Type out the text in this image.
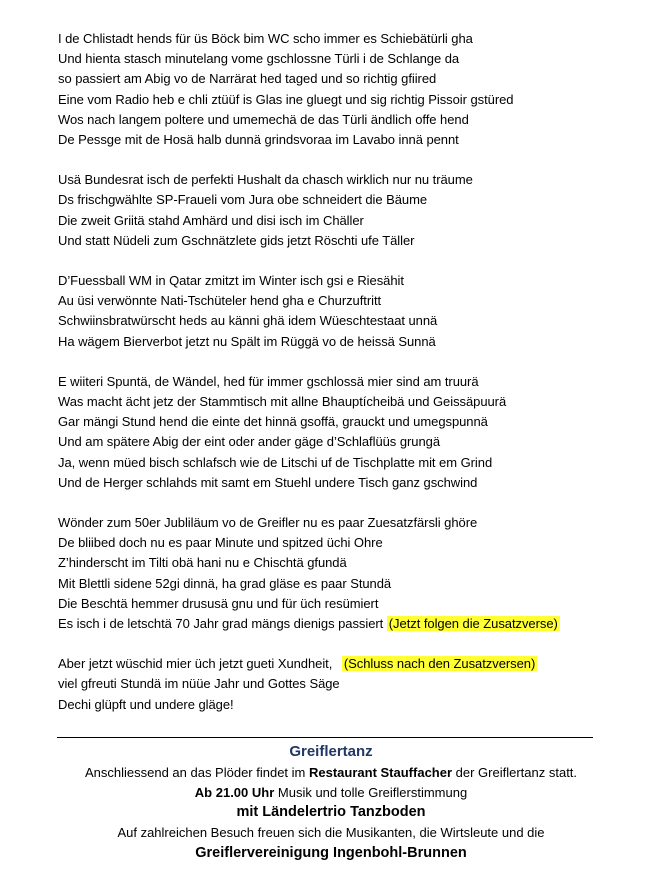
I de Chlistadt hends für üs Böck bim WC scho immer es Schiebätürli gha
Und hienta stasch minutelang vome gschlossne Türli i de Schlange da
so passiert am Abig vo de Narrärat hed taged und so richtig gfiired
Eine vom Radio heb e chli ztüüf is Glas ine gluegt und sig richtig Pissoir gstüred
Wos nach langem poltere und umemechä de das Türli ändlich offe hend
De Pessge mit de Hosä halb dunnä grindsvoraa im Lavabo innä pennt
Usä Bundesrat isch de perfekti Hushalt da chasch wirklich nur nu träume
Ds frischgwählte SP-Fraueli vom Jura obe schneidert die Bäume
Die zweit Griitä stahd Amhärd und disi isch im Chäller
Und statt Nüdeli zum Gschnätzlete gids jetzt Röschti ufe Täller
D’Fuessball WM in Qatar zmitzt im Winter isch gsi e Riesähit
Au üsi verwönnte Nati-Tschüteler hend gha e Churzuftritt
Schwiinsbratwürscht heds au känni ghä idem Wüeschtestaat unnä
Ha wägem Bierverbot jetzt nu Spält im Rüggä vo de heissä Sunnä
E wiiteri Spuntä, de Wändel, hed für immer gschlossä mier sind am truurä
Was macht ächt jetz der Stammtisch mit allne Bhauptícheibä und Geissäpuurä
Gar mängi Stund hend die einte det hinnä gsoffä, grauckt und umegspunnä
Und am spätere Abig der eint oder ander gäge d’Schlaflüüs grungä
Ja, wenn müed bisch schlafsch wie de Litschi uf de Tischplatte mit em Grind
Und de Herger schlahds mit samt em Stuehl undere Tisch ganz gschwind
Wönder zum 50er Jubliläum vo de Greifler nu es paar Zuesatzfärsli ghöre
De bliibed doch nu es paar Minute und spitzed üchi Ohre
Z’hinderscht im Tilti obä hani nu e Chischtä gfundä
Mit Blettli sidene 52gi dinnä, ha grad gläse es paar Stundä
Die Beschtä hemmer drususä gnu und für üch resümiert
Es isch i de letschtä 70 Jahr grad mängs dienigs passiert (Jetzt folgen die Zusatzverse)
Aber jetzt wüschid mier üch jetzt gueti Xundheit, (Schluss nach den Zusatzversen)
viel gfreuti Stundä im nüüe Jahr und Gottes Säge
Dechi glüpft und undere gläge!
Greiflertanz
Anschliessend an das Plöder findet im Restaurant Stauffacher der Greiflertanz statt.
Ab 21.00 Uhr Musik und tolle Greiflerstimmung
mit Ländelertrio Tanzboden
Auf zahlreichen Besuch freuen sich die Musikanten, die Wirtsleute und die
Greiflervereinigung Ingenbohl-Brunnen
